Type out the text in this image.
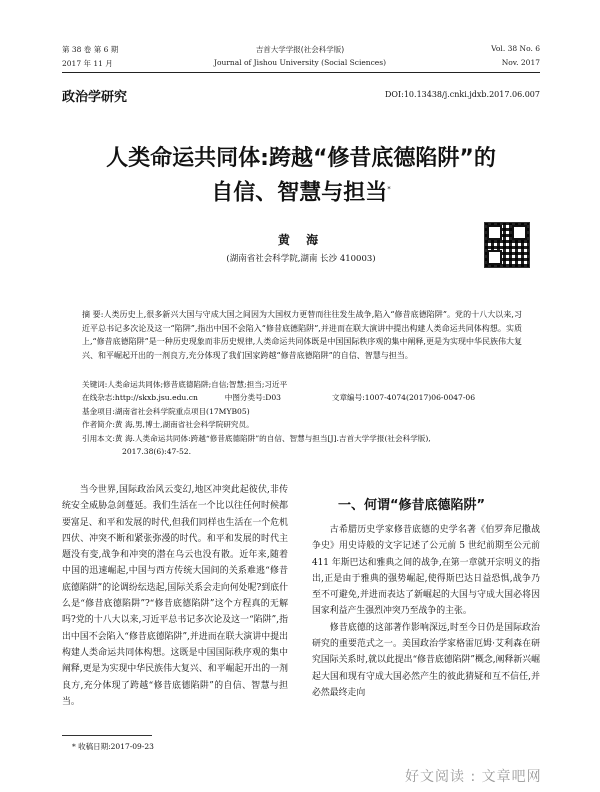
第 38 卷 第 6 期
2017 年 11 月
吉首大学学报(社会科学版)
Journal of Jishou University (Social Sciences)
Vol. 38 No. 6
Nov. 2017
政治学研究	DOI:10.13438/j.cnki.jdxb.2017.06.007
人类命运共同体:跨越“修昔底德陷阱”的
自信、智慧与担当*
黄 海
(湖南省社会科学院,湖南 长沙 410003)
摘 要:人类历史上,很多新兴大国与守成大国之间因为大国权力更替而往往发生战争,陷入“修昔底德陷阱”。党的十八大以来,习近平总书记多次论及这一“陷阱”,指出中国不会陷入“修昔底德陷阱”,并进而在联大演讲中提出构建人类命运共同体构想。实质上,“修昔底德陷阱”是一种历史现象而非历史规律,人类命运共同体既是中国国际秩序观的集中阐释,更是为实现中华民族伟大复兴、和平崛起开出的一剂良方,充分体现了我们国家跨越“修昔底德陷阱”的自信、智慧与担当。
关键词:人类命运共同体;修昔底德陷阱;自信;智慧;担当;习近平
在线杂志:http://skxb.jsu.edu.cn	中图分类号:D03	文章编号:1007-4074(2017)06-0047-06
基金项目:湖南省社会科学院重点项目(17MYB05)
作者简介:黄 海,男,博士,湖南省社会科学院研究员。
引用本文:黄 海.人类命运共同体:跨越“修昔底德陷阱”的自信、智慧与担当[J].吉首大学学报(社会科学版),
2017.38(6):47-52.

当今世界,国际政治风云变幻,地区冲突此起彼伏,非传统安全威胁急剑蔓延。我们生活在一个比以往任何时候都要富足、和平和发展的时代,但我们同样也生活在一个危机四伏、冲突不断和紧张弥漫的时代。和平和发展的时代主题没有变,战争和冲突的潜在乌云也没有散。近年来,随着中国的迅速崛起,中国与西方传统大国间的关系难逃“修昔底德陷阱”的论调纷纭迭起,国际关系会走向何处呢?到底什么是“修昔底德陷阱”?“修昔底德陷阱”这个方程真的无解吗?党的十八大以来,习近平总书记多次论及这一“陷阱”,指出中国不会陷入“修昔底德陷阱”,并进而在联大演讲中提出构建人类命运共同体构想。这既是中国国际秩序观的集中阐释,更是为实现中华民族伟大复兴、和平崛起开出的一剂良方,充分体现了跨越“修昔底德陷阱”的自信、智慧与担当。

一、何谓“修昔底德陷阱”

古希腊历史学家修昔底德的史学名著《伯罗奔尼撒战争史》用史诗般的文字记述了公元前 5 世纪前期至公元前 411 年斯巴达和雅典之间的战争,在第一章就开宗明义的指出,正是由于雅典的强势崛起,使得斯巴达日益恐惧,战争乃至不可避免,并进而表达了新崛起的大国与守成大国必将因国家利益产生强烈冲突乃至战争的主张。

修昔底德的这部著作影响深远,时至今日仍是国际政治研究的重要范式之一。美国政治学家格雷厄姆·艾利森在研究国际关系时,就以此提出“修昔底德陷阱”概念,阐释新兴崛起大国和现有守成大国必然产生的彼此猜疑和互不信任,并必然最终走向

* 收稿日期:2017-09-23
好文阅读 : 文章吧网
